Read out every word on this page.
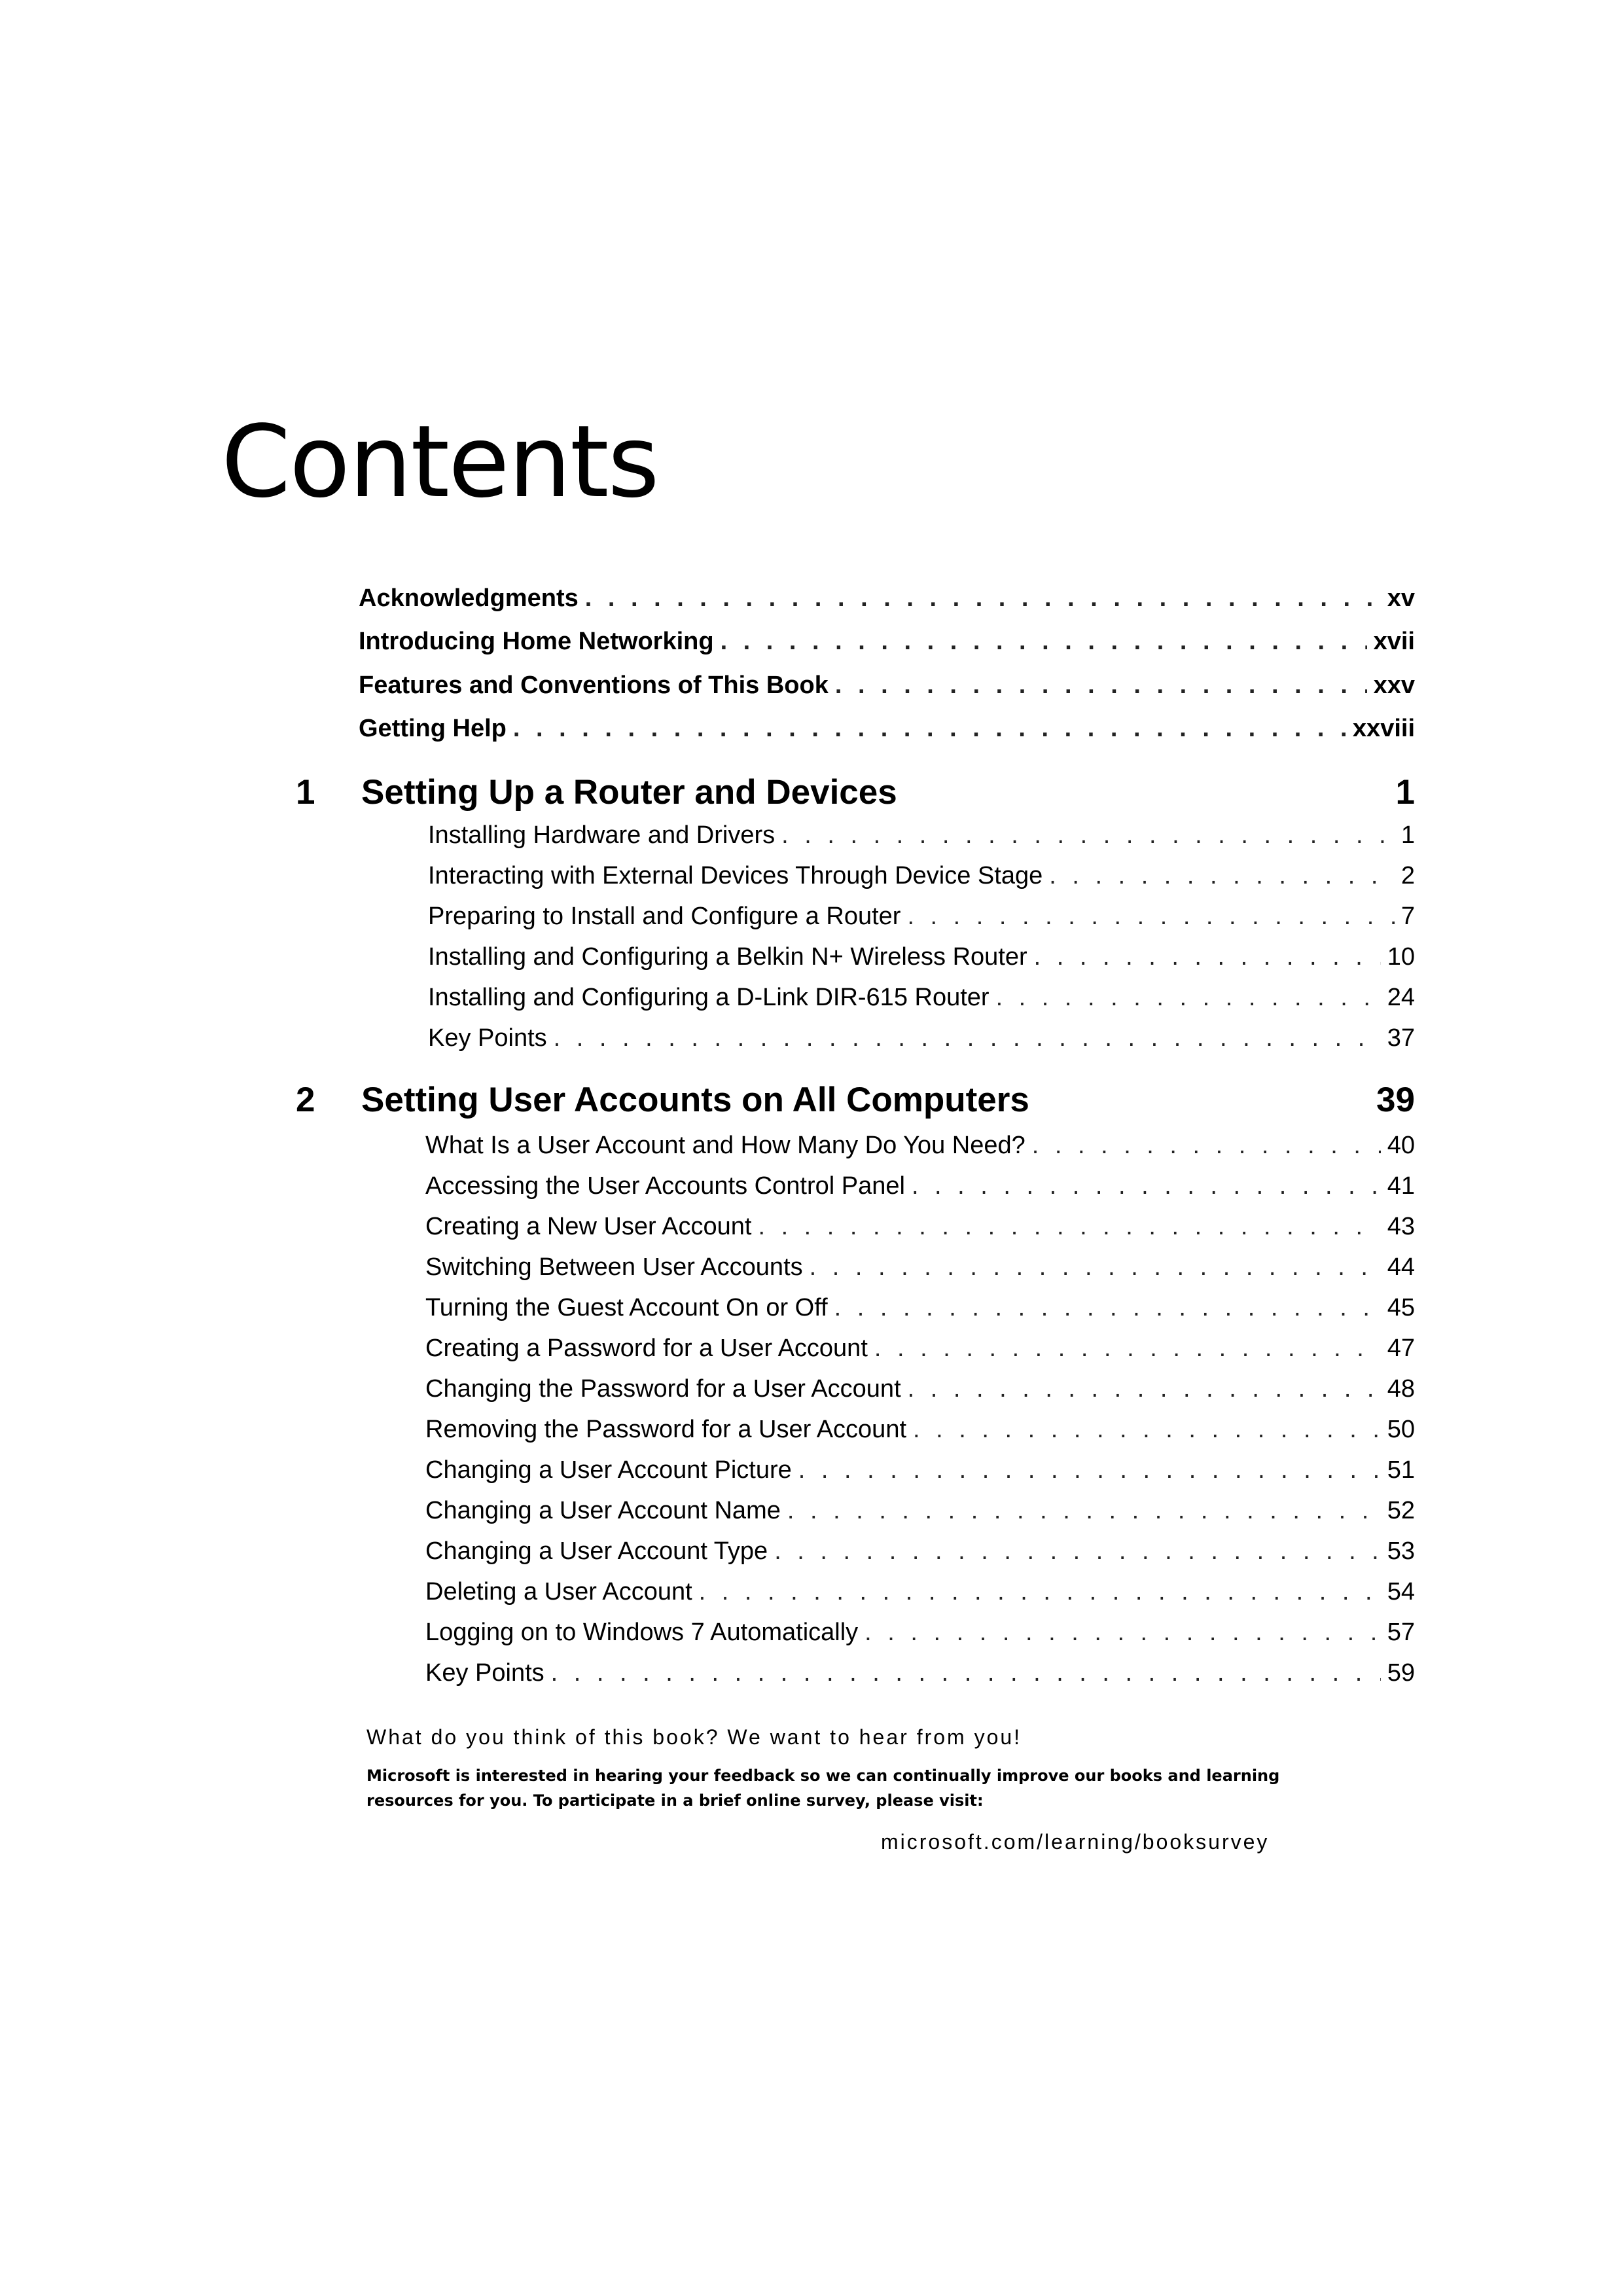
Contents
Acknowledgments . . .	xv
Introducing Home Networking . . .	xvii
Features and Conventions of This Book . . .	xxv
Getting Help . . .	xxviii
1	Setting Up a Router and Devices	1
Installing Hardware and Drivers . . .	1
Interacting with External Devices Through Device Stage . . .	2
Preparing to Install and Configure a Router . . .	7
Installing and Configuring a Belkin N+ Wireless Router . . .	10
Installing and Configuring a D-Link DIR-615 Router . . .	24
Key Points . . .	37
2	Setting User Accounts on All Computers	39
What Is a User Account and How Many Do You Need? . . .	40
Accessing the User Accounts Control Panel . . .	41
Creating a New User Account . . .	43
Switching Between User Accounts . . .	44
Turning the Guest Account On or Off . . .	45
Creating a Password for a User Account . . .	47
Changing the Password for a User Account . . .	48
Removing the Password for a User Account . . .	50
Changing a User Account Picture . . .	51
Changing a User Account Name . . .	52
Changing a User Account Type . . .	53
Deleting a User Account . . .	54
Logging on to Windows 7 Automatically . . .	57
Key Points . . .	59

What do you think of this book? We want to hear from you!

Microsoft is interested in hearing your feedback so we can continually improve our books and learning resources for you. To participate in a brief online survey, please visit:

microsoft.com/learning/booksurvey
